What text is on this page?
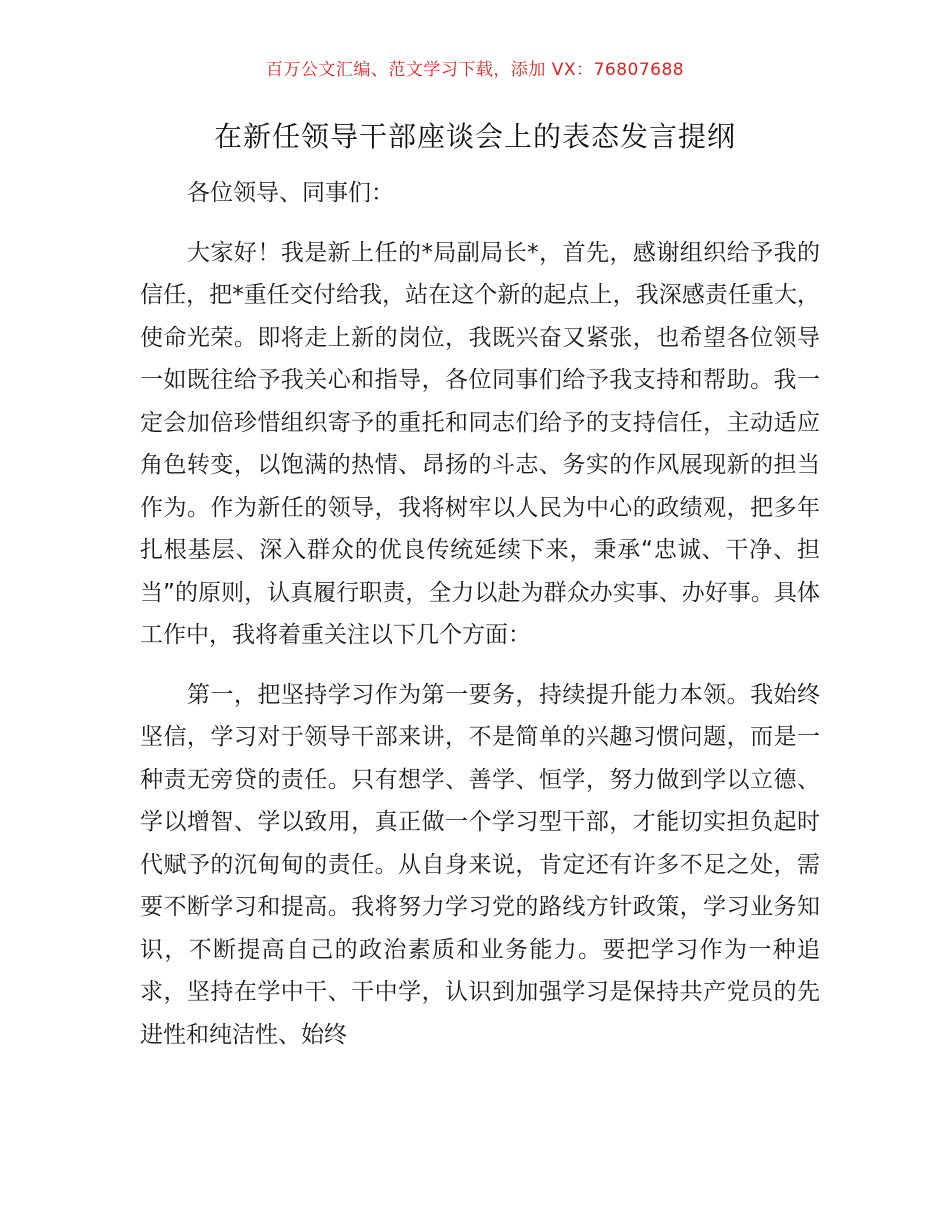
百万公文汇编、范文学习下载，添加 VX：76807688
在新任领导干部座谈会上的表态发言提纲

各位领导、同事们：

大家好！我是新上任的*局副局长*，首先，感谢组织给予我的信任，把*重任交付给我，站在这个新的起点上，我深感责任重大，使命光荣。即将走上新的岗位，我既兴奋又紧张，也希望各位领导一如既往给予我关心和指导，各位同事们给予我支持和帮助。我一定会加倍珍惜组织寄予的重托和同志们给予的支持信任，主动适应角色转变，以饱满的热情、昂扬的斗志、务实的作风展现新的担当作为。作为新任的领导，我将树牢以人民为中心的政绩观，把多年扎根基层、深入群众的优良传统延续下来，秉承“忠诚、干净、担当”的原则，认真履行职责，全力以赴为群众办实事、办好事。具体工作中，我将着重关注以下几个方面：

第一，把坚持学习作为第一要务，持续提升能力本领。我始终坚信，学习对于领导干部来讲，不是简单的兴趣习惯问题，而是一种责无旁贷的责任。只有想学、善学、恒学，努力做到学以立德、学以增智、学以致用，真正做一个学习型干部，才能切实担负起时代赋予的沉甸甸的责任。从自身来说，肯定还有许多不足之处，需要不断学习和提高。我将努力学习党的路线方针政策，学习业务知识，不断提高自己的政治素质和业务能力。要把学习作为一种追求，坚持在学中干、干中学，认识到加强学习是保持共产党员的先进性和纯洁性、始终
